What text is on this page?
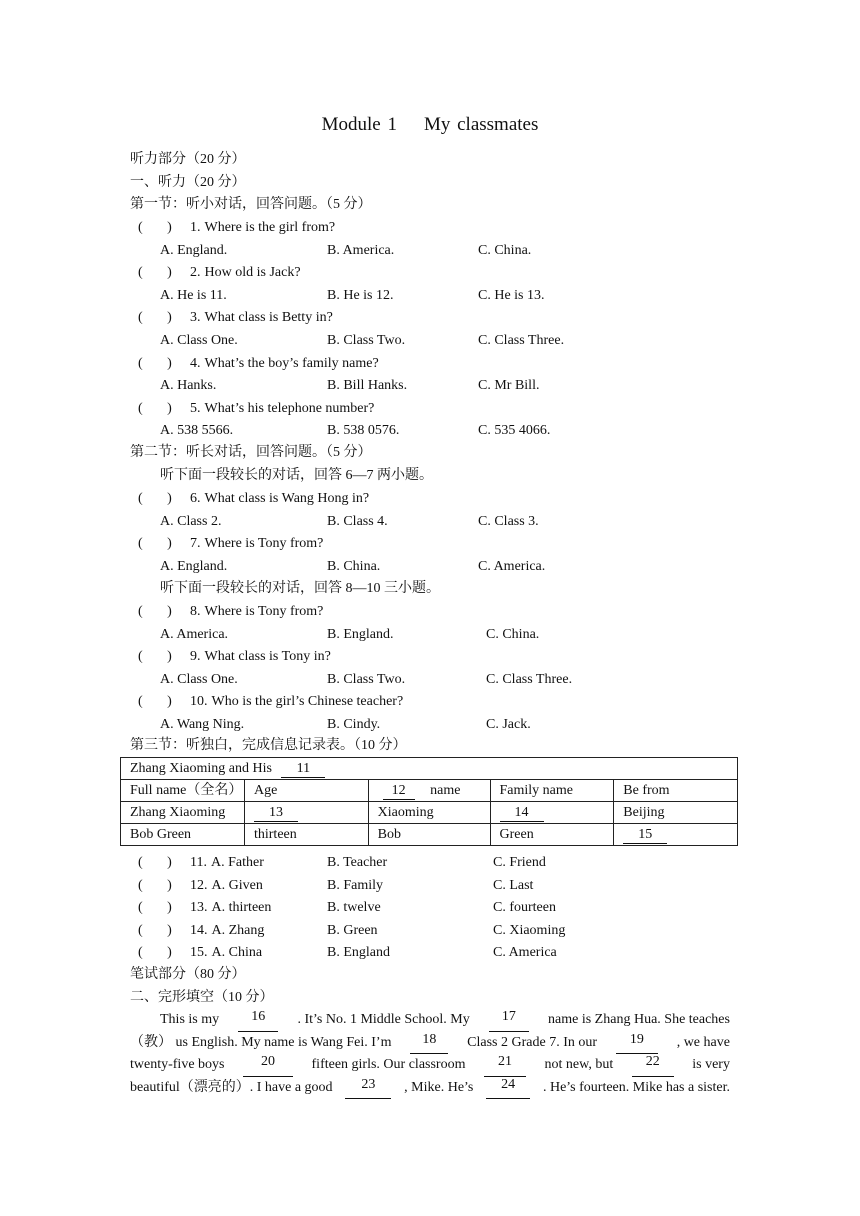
Module 1    My classmates
听力部分（20 分）
一、听力（20 分）
第一节：听小对话，回答问题。（5 分）
(       ) 1. Where is the girl from?
A. England.	B. America.	C. China.
(       ) 2. How old is Jack?
A. He is 11.	B. He is 12.	C. He is 13.
(       ) 3. What class is Betty in?
A. Class One.	B. Class Two.	C. Class Three.
(       ) 4. What’s the boy’s family name?
A. Hanks.	B. Bill Hanks.	C. Mr Bill.
(       ) 5. What’s his telephone number?
A. 538 5566.	B. 538 0576.	C. 535 4066.
第二节：听长对话，回答问题。（5 分）
听下面一段较长的对话，回答 6—7 两小题。
(       ) 6. What class is Wang Hong in?
A. Class 2.	B. Class 4.	C. Class 3.
(       ) 7. Where is Tony from?
A. England.	B. China.	C. America.
听下面一段较长的对话，回答 8—10 三小题。
(       ) 8. Where is Tony from?
A. America.	B. England.	C. China.
(       ) 9. What class is Tony in?
A. Class One.	B. Class Two.	C. Class Three.
(       ) 10. Who is the girl’s Chinese teacher?
A. Wang Ning.	B. Cindy.	C. Jack.
第三节：听独白，完成信息记录表。（10 分）
Zhang Xiaoming and His 11				
Full name（全名）	Age	12 name	Family name	Be from
Zhang Xiaoming	13	Xiaoming	14	Beijing
Bob Green	thirteen	Bob	Green	15
(       ) 11. A. Father	B. Teacher	C. Friend
(       ) 12. A. Given	B. Family	C. Last
(       ) 13. A. thirteen	B. twelve	C. fourteen
(       ) 14. A. Zhang	B. Green	C. Xiaoming
(       ) 15. A. China	B. England	C. America
笔试部分（80 分）
二、完形填空（10 分）
This is my	16	. It’s No. 1 Middle School. My	17	name is Zhang Hua. She teaches
（教） us English. My name is Wang Fei. I’m	18	Class 2 Grade 7. In our	19	, we have
twenty-five boys	20	fifteen girls. Our classroom	21	not new, but	22	is very
beautiful（漂亮的）. I have a good	23	, Mike. He’s	24	. He’s fourteen. Mike has a sister.
